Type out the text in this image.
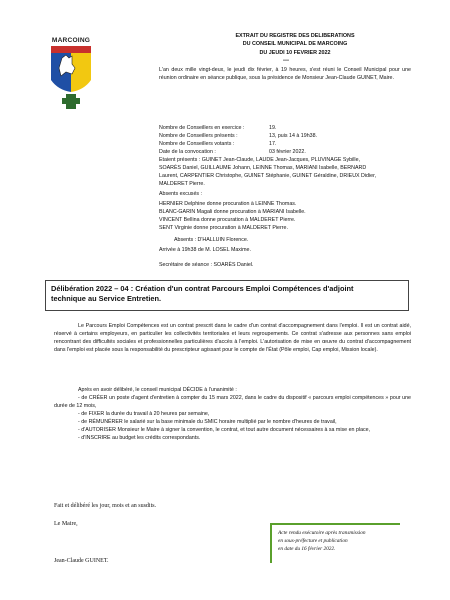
MARCOING
EXTRAIT DU REGISTRE DES DELIBERATIONS
DU CONSEIL MUNICIPAL DE MARCOING
DU JEUDI 10 FEVRIER 2022
---
L'an deux mille vingt-deux, le jeudi dix février, à 19 heures, s'est réuni le Conseil Municipal pour une réunion ordinaire en séance publique, sous la présidence de Monsieur Jean-Claude GUINET, Maire.
Nombre de Conseillers en exercice :	19.
Nombre de Conseillers présents :	13, puis 14 à 19h38.
Nombre de Conseillers votants :	17.
Date de la convocation :	03 février 2022.
Etaient présents : GUINET Jean-Claude, LAUDE Jean-Jacques, PLUVINAGE Sybille,
SOARÈS Daniel, GUILLAUME Johann, LEINNE Thomas, MARIANI Isabelle, BERNARD
Laurent, CARPENTIER Christophe, GUINET Stéphanie, GUINET Géraldine, DRIEUX Didier,
MALDERET Pierre.
Absents excusés :
HERNIER Delphine donne procuration à LEINNE Thomas.
BLANC-GARIN Magali donne procuration à MARIANI Isabelle.
VINCENT Bellina donne procuration à MALDERET Pierre.
SENT Virginie donne procuration à MALDERET Pierre.
Absents : D'HALLUIN Florence.
Arrivée à 19h38 de M. LOSEL Maxime.
Secrétaire de séance : SOARÈS Daniel.
Délibération 2022 – 04 : Création d'un contrat Parcours Emploi Compétences d'adjoint
technique au Service Entretien.
Le Parcours Emploi Compétences est un contrat prescrit dans le cadre d'un contrat d'accompagnement dans l'emploi. Il est un contrat aidé, réservé à certains employeurs, en particulier les collectivités territoriales et leurs regroupements. Ce contrat s'adresse aux personnes sans emploi rencontrant des difficultés sociales et professionnelles particulières d'accès à l'emploi. L'autorisation de mise en œuvre du contrat d'accompagnement dans l'emploi est placée sous la responsabilité du prescripteur agissant pour le compte de l'État (Pôle emploi, Cap emploi, Mission locale).
Après en avoir délibéré, le conseil municipal DÉCIDE à l'unanimité :
- de CRÉER un poste d'agent d'entretien à compter du 15 mars 2022, dans le cadre du dispositif « parcours emploi compétences » pour une durée de 12 mois,
- de FIXER la durée du travail à 20 heures par semaine,
- de RÉMUNÉRER le salarié sur la base minimale du SMIC horaire multiplié par le nombre d'heures de travail,
- d'AUTORISER Monsieur le Maire à signer la convention, le contrat, et tout autre document nécessaires à sa mise en place,
- d'INSCRIRE au budget les crédits correspondants.
Fait et délibéré les jour, mois et an susdits.
Le Maire,
Jean-Claude GUINET.
Acte rendu exécutoire après transmission
en sous-préfecture et publication
en date du 16 février 2022.
